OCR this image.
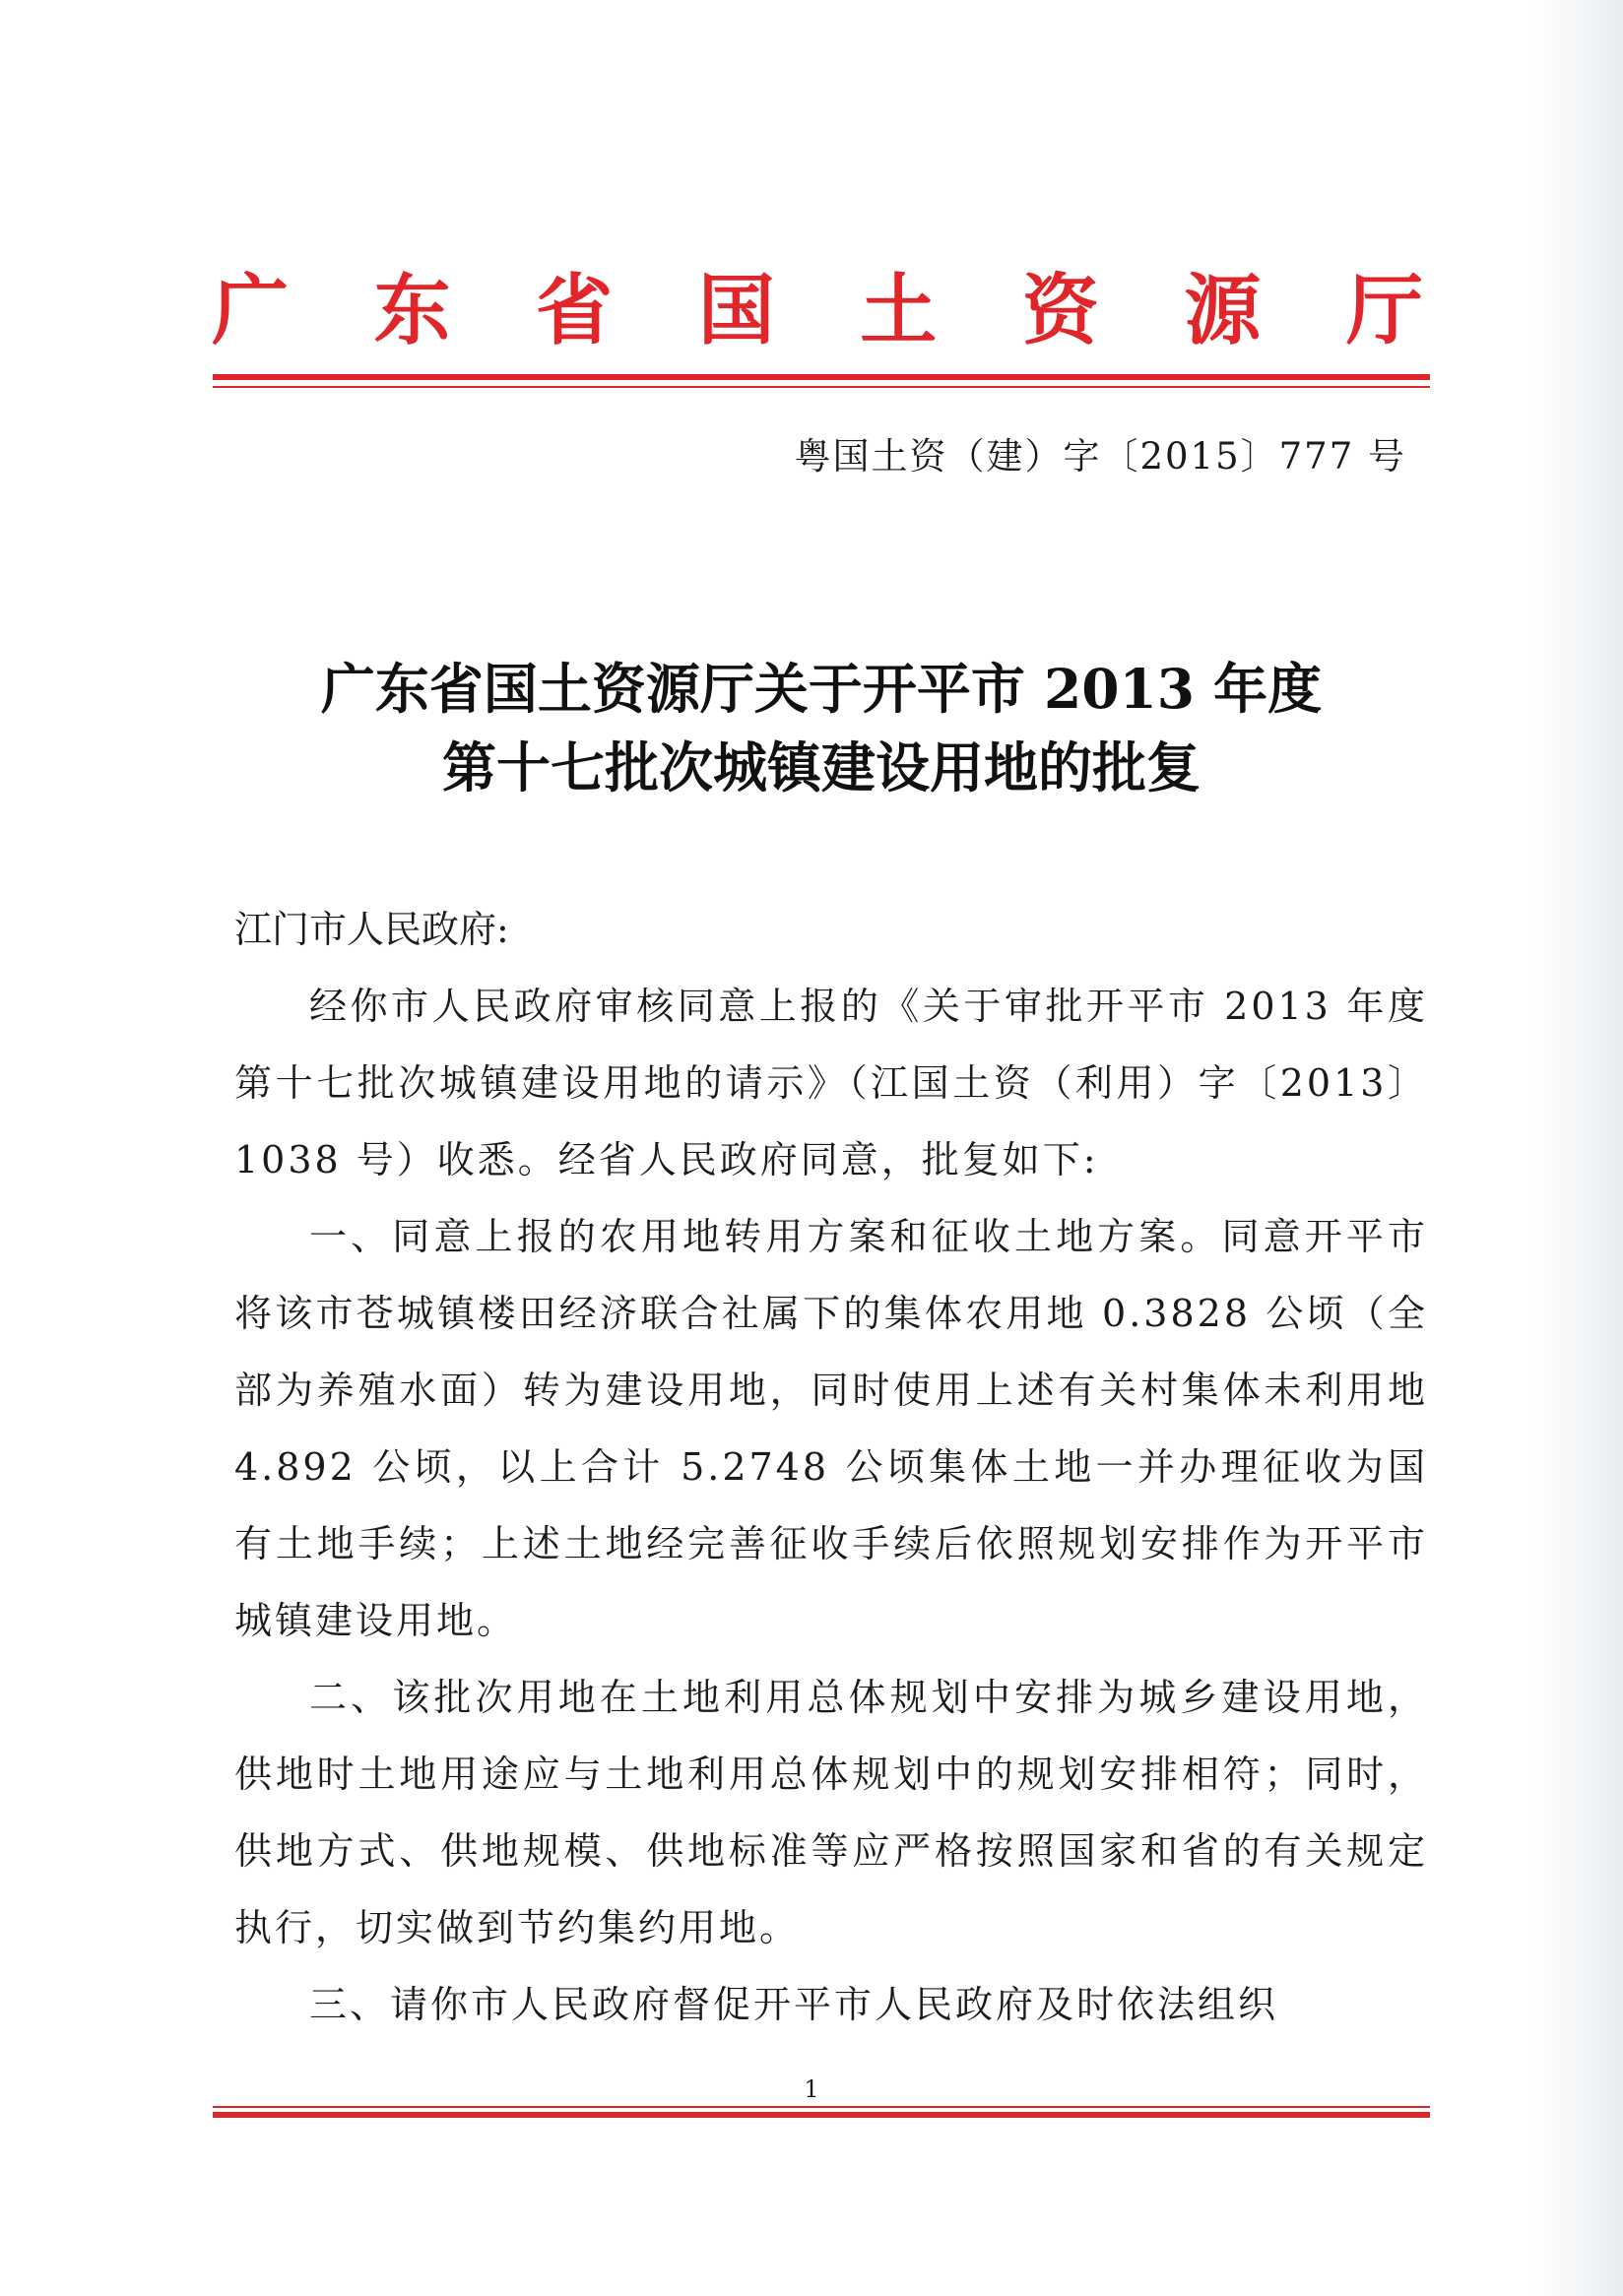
广 东 省 国 土 资 源 厅
粤国土资（建）字〔2015〕777 号
广东省国土资源厅关于开平市 2013 年度
第十七批次城镇建设用地的批复

江门市人民政府:

经你市人民政府审核同意上报的《关于审批开平市 2013 年度第十七批次城镇建设用地的请示》（江国土资（利用）字〔2013〕1038 号）收悉。经省人民政府同意，批复如下:

一、同意上报的农用地转用方案和征收土地方案。同意开平市将该市苍城镇楼田经济联合社属下的集体农用地 0.3828 公顷（全部为养殖水面）转为建设用地，同时使用上述有关村集体未利用地 4.892 公顷，以上合计 5.2748 公顷集体土地一并办理征收为国有土地手续；上述土地经完善征收手续后依照规划安排作为开平市城镇建设用地。

二、该批次用地在土地利用总体规划中安排为城乡建设用地，供地时土地用途应与土地利用总体规划中的规划安排相符；同时，供地方式、供地规模、供地标准等应严格按照国家和省的有关规定执行，切实做到节约集约用地。

三、请你市人民政府督促开平市人民政府及时依法组织

1
